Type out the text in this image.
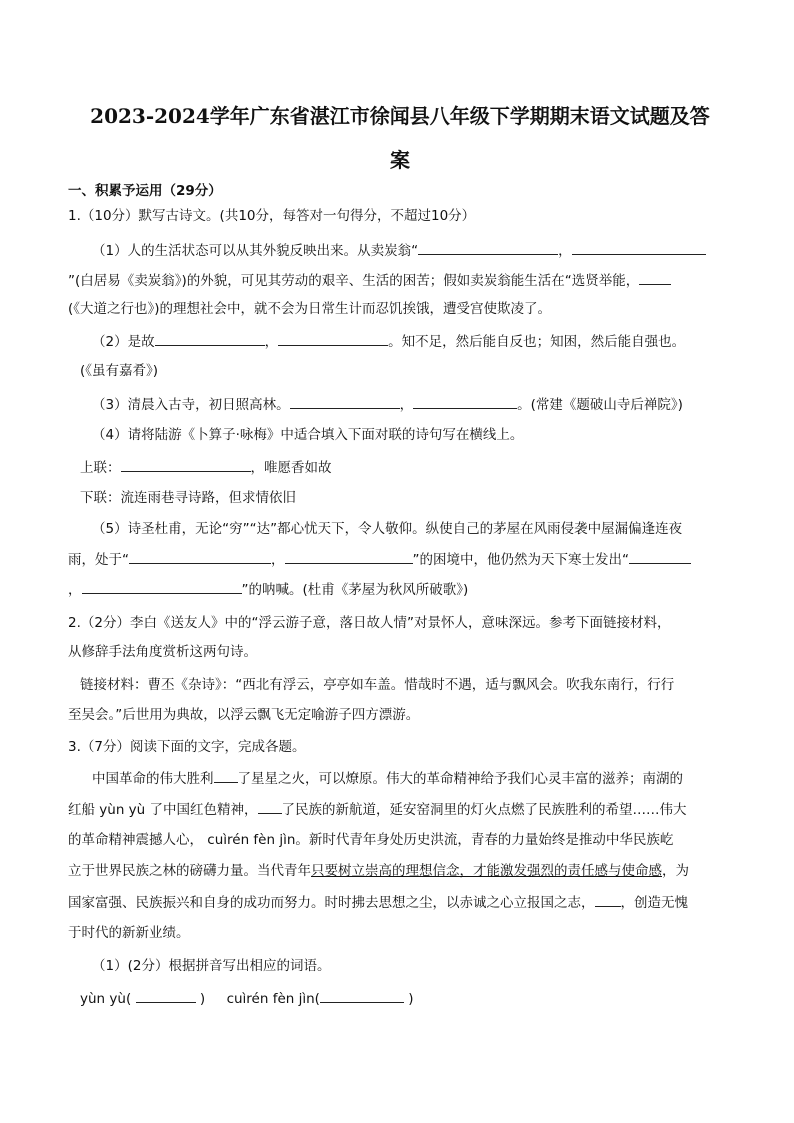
2023-2024学年广东省湛江市徐闻县八年级下学期期末语文试题及答
案
一、积累予运用（29分）
1.（10分）默写古诗文。(共10分，每答对一句得分，不超过10分）
（1）人的生活状态可以从其外貌反映出来。从卖炭翁“	，
”(白居易《卖炭翁》)的外貌，可见其劳动的艰辛、生活的困苦；假如卖炭翁能生活在“选贤举能，
(《大道之行也》)的理想社会中，就不会为日常生计而忍饥挨饿，遭受宫使欺凌了。
（2）是故	，	。知不足，然后能自反也；知困，然后能自强也。
(《虽有嘉肴》)
（3）清晨入古寺，初日照高林。	，	。(常建《题破山寺后禅院》)
（4）请将陆游《卜算子·咏梅》中适合填入下面对联的诗句写在横线上。
上联：	，唯愿香如故
下联：流连雨巷寻诗路，但求情依旧
（5）诗圣杜甫，无论“穷”“达”都心忧天下，令人敬仰。纵使自己的茅屋在风雨侵袭中屋漏偏逢连夜
雨，处于“	，	”的困境中，他仍然为天下寒士发出“
，	”的呐喊。(杜甫《茅屋为秋风所破歌》)
2.（2分）李白《送友人》中的“浮云游子意，落日故人情”对景怀人，意味深远。参考下面链接材料，
从修辞手法角度赏析这两句诗。
链接材料：曹丕《杂诗》：“西北有浮云，亭亭如车盖。惜哉时不遇，适与飘风会。吹我东南行，行行
至吴会。”后世用为典故，以浮云飘飞无定喻游子四方漂游。
3.（7分）阅读下面的文字，完成各题。
中国革命的伟大胜利 了星星之火，可以燎原。伟大的革命精神给予我们心灵丰富的滋养；南湖的
红船 yùn yù 了中国红色精神， 了民族的新航道，延安窑洞里的灯火点燃了民族胜利的希望……伟大
的革命精神震撼人心， cuìrén fèn jìn。新时代青年身处历史洪流，青春的力量始终是推动中华民族屹
立于世界民族之林的磅礴力量。当代青年只要树立崇高的理想信念，才能激发强烈的责任感与使命感，为
国家富强、民族振兴和自身的成功而努力。时时拂去思想之尘，以赤诚之心立报国之志， ，创造无愧
于时代的新新业绩。
（1）(2分）根据拼音写出相应的词语。
yùn yù(	) cuìrén fèn jìn(	)
